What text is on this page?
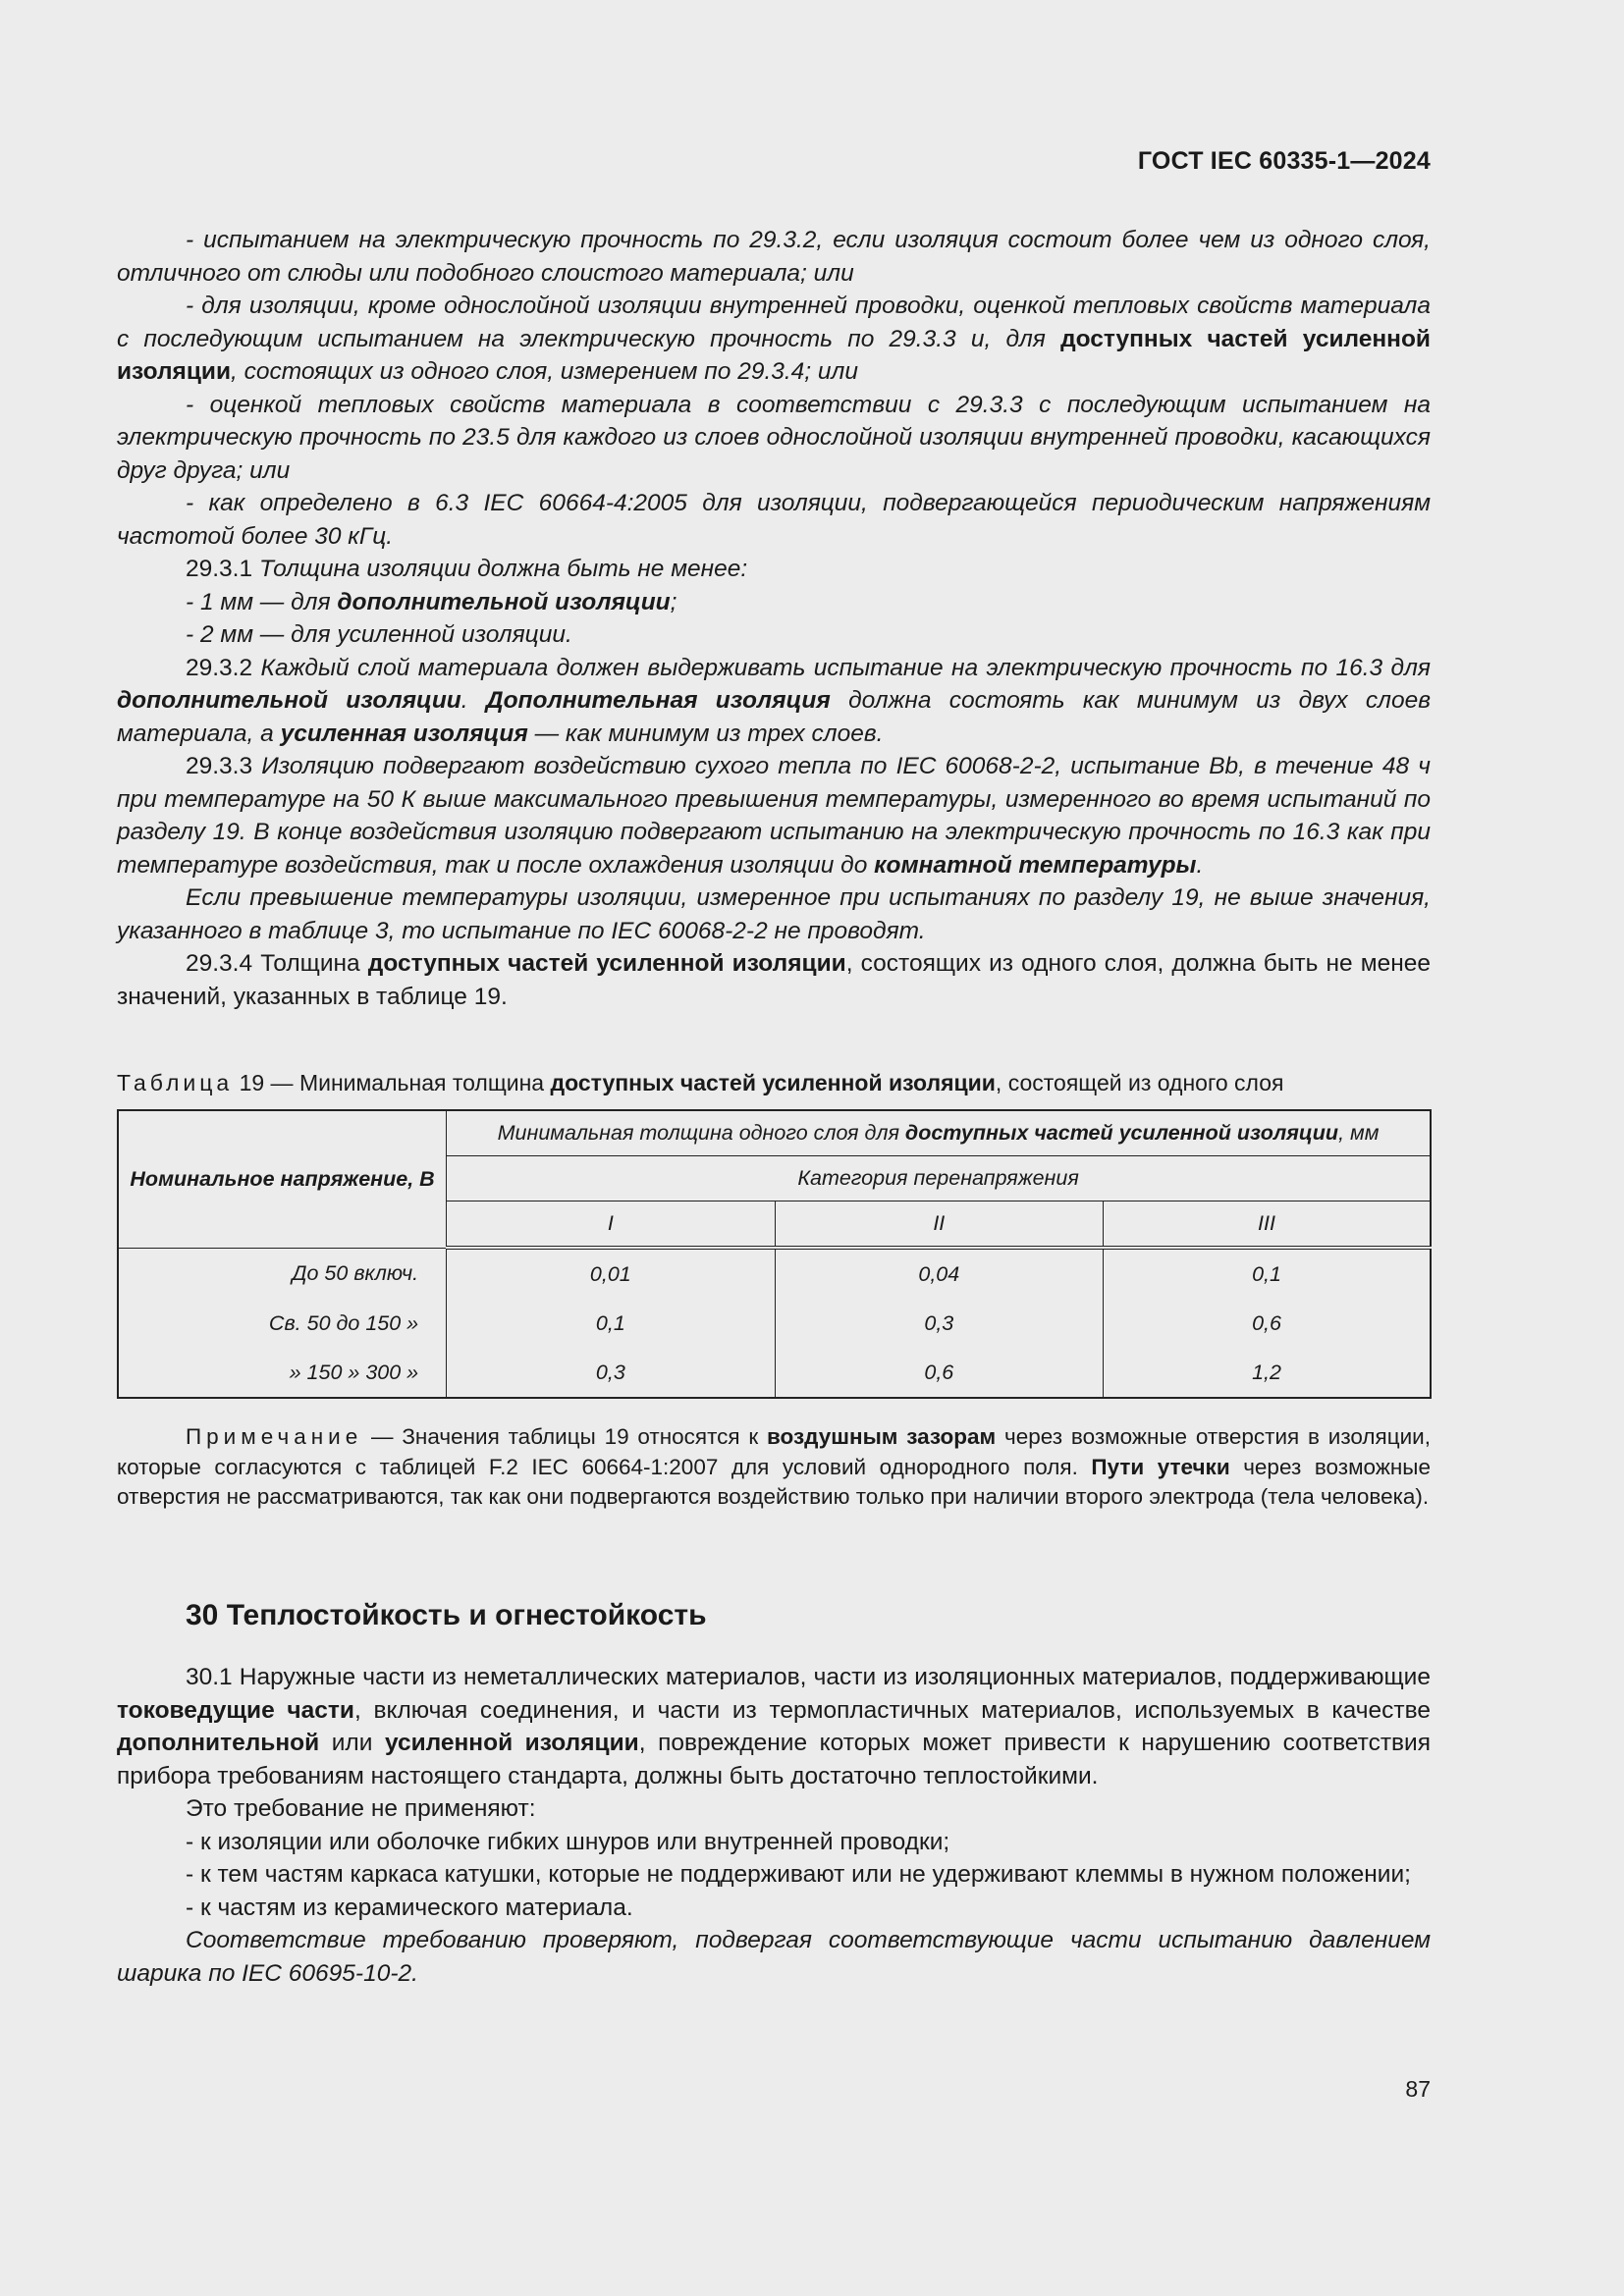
ГОСТ IEC 60335-1—2024

- испытанием на электрическую прочность по 29.3.2, если изоляция состоит более чем из одного слоя, отличного от слюды или подобного слоистого материала; или

- для изоляции, кроме однослойной изоляции внутренней проводки, оценкой тепловых свойств материала с последующим испытанием на электрическую прочность по 29.3.3 и, для доступных частей усиленной изоляции, состоящих из одного слоя, измерением по 29.3.4; или

- оценкой тепловых свойств материала в соответствии с 29.3.3 с последующим испытанием на электрическую прочность по 23.5 для каждого из слоев однослойной изоляции внутренней проводки, касающихся друг друга; или

- как определено в 6.3 IEC 60664-4:2005 для изоляции, подвергающейся периодическим напряжениям частотой более 30 кГц.

29.3.1 Толщина изоляции должна быть не менее:

- 1 мм — для дополнительной изоляции;

- 2 мм — для усиленной изоляции.

29.3.2 Каждый слой материала должен выдерживать испытание на электрическую прочность по 16.3 для дополнительной изоляции. Дополнительная изоляция должна состоять как минимум из двух слоев материала, а усиленная изоляция — как минимум из трех слоев.

29.3.3 Изоляцию подвергают воздействию сухого тепла по IEC 60068-2-2, испытание Bb, в течение 48 ч при температуре на 50 К выше максимального превышения температуры, измеренного во время испытаний по разделу 19. В конце воздействия изоляцию подвергают испытанию на электрическую прочность по 16.3 как при температуре воздействия, так и после охлаждения изоляции до комнатной температуры.

Если превышение температуры изоляции, измеренное при испытаниях по разделу 19, не выше значения, указанного в таблице 3, то испытание по IEC 60068-2-2 не проводят.

29.3.4 Толщина доступных частей усиленной изоляции, состоящих из одного слоя, должна быть не менее значений, указанных в таблице 19.

Таблица 19 — Минимальная толщина доступных частей усиленной изоляции, состоящей из одного слоя
Номинальное напряжение, В	Минимальная толщина одного слоя для доступных частей усиленной изоляции, мм		
	Категория перенапряжения		
	I	II	III
До 50 включ.	0,01	0,04	0,1
Св. 50 до 150 »	0,1	0,3	0,6
» 150 » 300 »	0,3	0,6	1,2
Примечание — Значения таблицы 19 относятся к воздушным зазорам через возможные отверстия в изоляции, которые согласуются с таблицей F.2 IEC 60664-1:2007 для условий однородного поля. Пути утечки через возможные отверстия не рассматриваются, так как они подвергаются воздействию только при наличии второго электрода (тела человека).
30 Теплостойкость и огнестойкость

30.1 Наружные части из неметаллических материалов, части из изоляционных материалов, поддерживающие токоведущие части, включая соединения, и части из термопластичных материалов, используемых в качестве дополнительной или усиленной изоляции, повреждение которых может привести к нарушению соответствия прибора требованиям настоящего стандарта, должны быть достаточно теплостойкими.

Это требование не применяют:

- к изоляции или оболочке гибких шнуров или внутренней проводки;

- к тем частям каркаса катушки, которые не поддерживают или не удерживают клеммы в нужном положении;

- к частям из керамического материала.

Соответствие требованию проверяют, подвергая соответствующие части испытанию давлением шарика по IEC 60695-10-2.

87
